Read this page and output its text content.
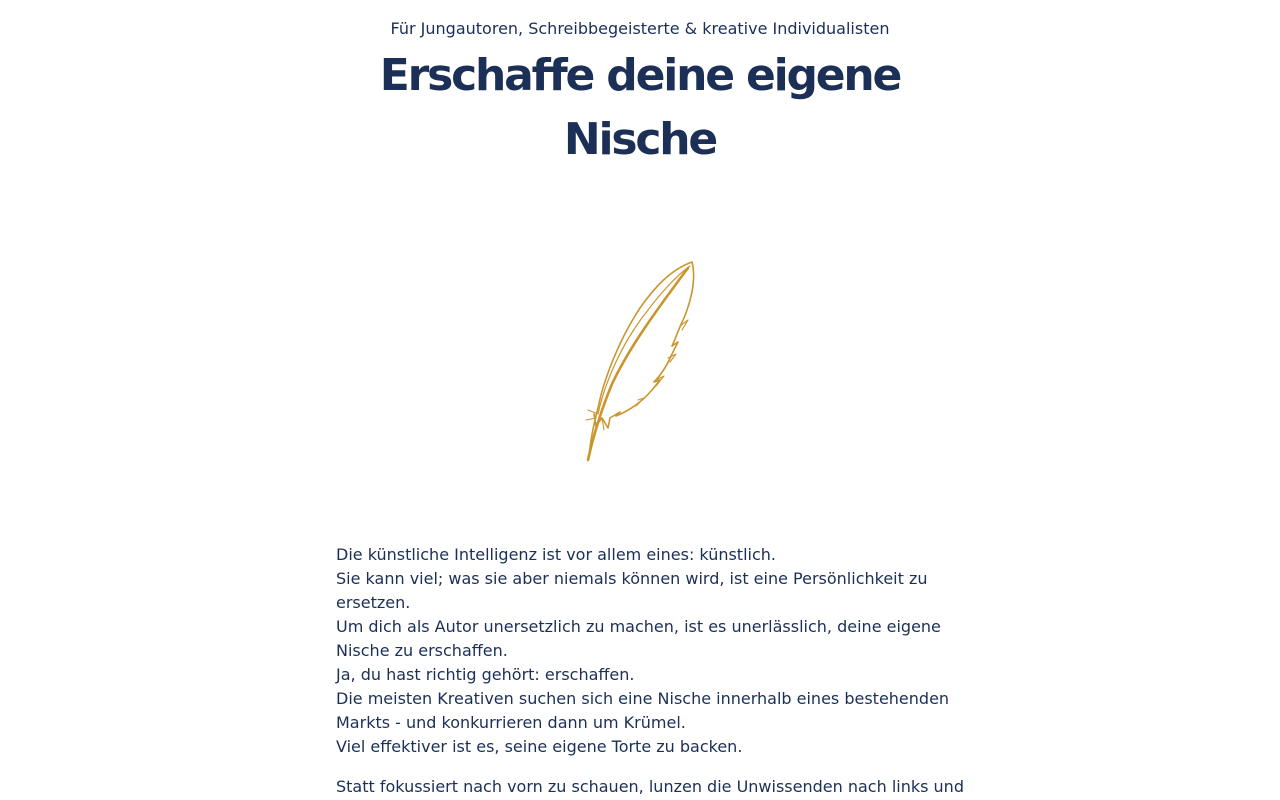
Für Jungautoren, Schreibbegeisterte & kreative Individualisten

Erschaffe deine eigene
Nische
Die künstliche Intelligenz ist vor allem eines: künstlich.
Sie kann viel; was sie aber niemals können wird, ist eine Persönlichkeit zu
ersetzen.
Um dich als Autor unersetzlich zu machen, ist es unerlässlich, deine eigene
Nische zu erschaffen.
Ja, du hast richtig gehört: erschaffen.
Die meisten Kreativen suchen sich eine Nische innerhalb eines bestehenden
Markts - und konkurrieren dann um Krümel.
Viel effektiver ist es, seine eigene Torte zu backen.
Statt fokussiert nach vorn zu schauen, lunzen die Unwissenden nach links und
